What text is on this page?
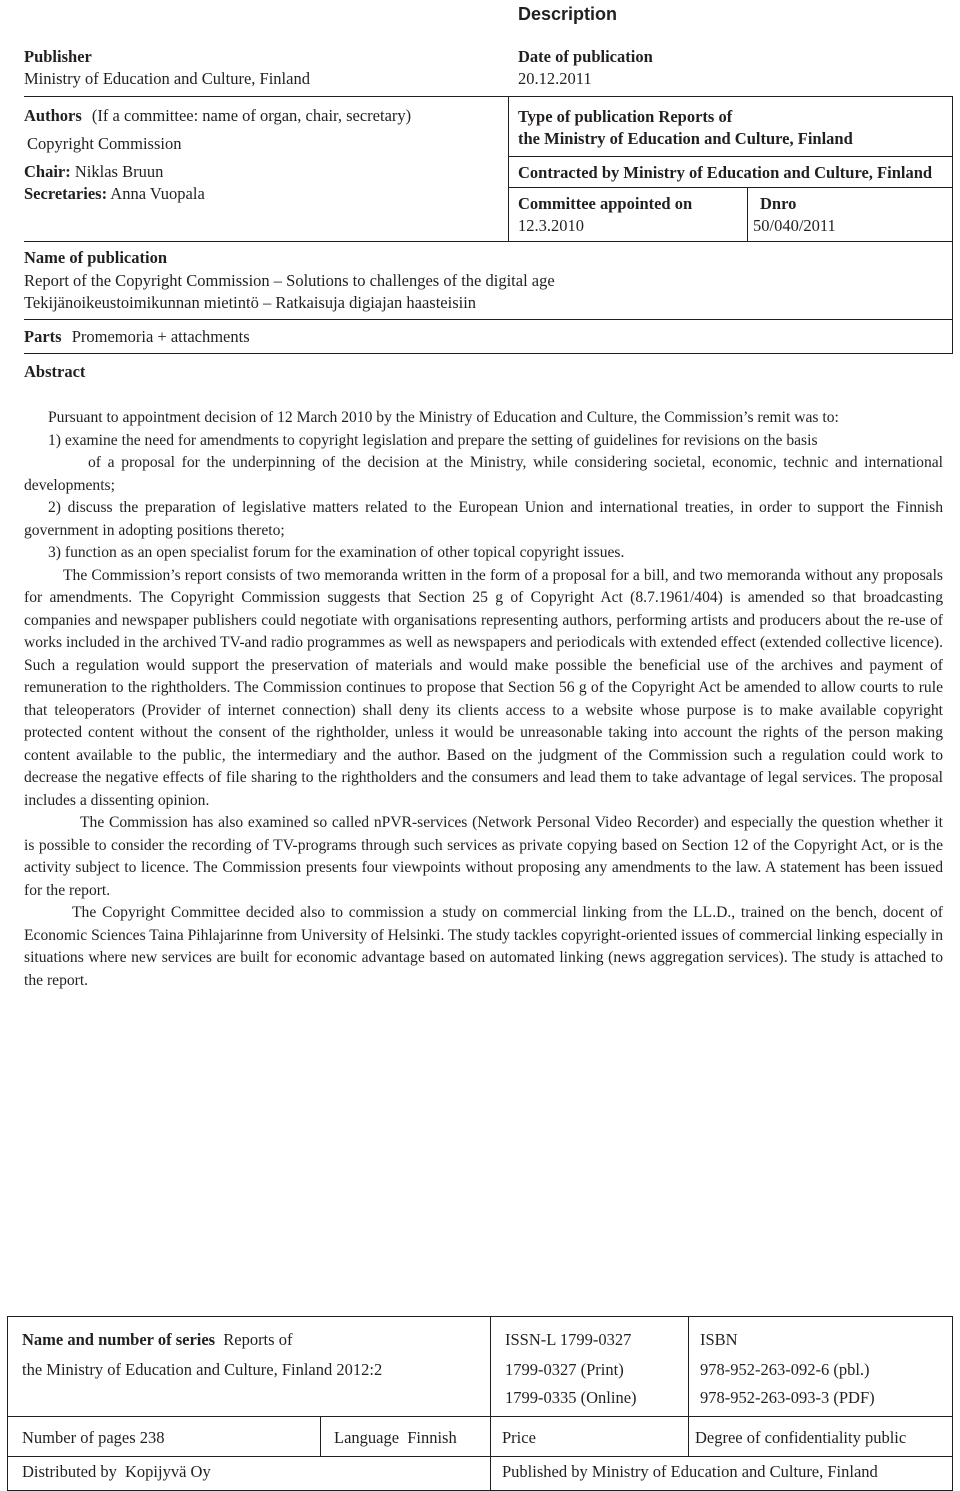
Description
Publisher
Ministry of Education and Culture, Finland
Date of publication
20.12.2011
Authors (If a committee: name of organ, chair, secretary)
Copyright Commission
Chair: Niklas Bruun
Secretaries: Anna Vuopala
Type of publication Reports of
the Ministry of Education and Culture, Finland
Contracted by Ministry of Education and Culture, Finland
Committee appointed on
12.3.2010
Dnro
50/040/2011
Name of publication
Report of the Copyright Commission – Solutions to challenges of the digital age
Tekijänoikeustoimikunnan mietintö – Ratkaisuja digiajan haasteisiin
Parts Promemoria + attachments
Abstract

Pursuant to appointment decision of 12 March 2010 by the Ministry of Education and Culture, the Commission’s remit was to:

1) examine the need for amendments to copyright legislation and prepare the setting of guidelines for revisions on the basis

of a proposal for the underpinning of the decision at the Ministry, while considering societal, economic, technic and international developments;

2) discuss the preparation of legislative matters related to the European Union and international treaties, in order to support the Finnish government in adopting positions thereto;

3) function as an open specialist forum for the examination of other topical copyright issues.

The Commission’s report consists of two memoranda written in the form of a proposal for a bill, and two memoranda without any proposals for amendments. The Copyright Commission suggests that Section 25 g of Copyright Act (8.7.1961/404) is amended so that broadcasting companies and newspaper publishers could negotiate with organisations representing authors, performing artists and producers about the re-use of works included in the archived TV-and radio programmes as well as newspapers and periodicals with extended effect (extended collective licence). Such a regulation would support the preservation of materials and would make possible the beneficial use of the archives and payment of remuneration to the rightholders. The Commission continues to propose that Section 56 g of the Copyright Act be amended to allow courts to rule that teleoperators (Provider of internet connection) shall deny its clients access to a website whose purpose is to make available copyright protected content without the consent of the rightholder, unless it would be unreasonable taking into account the rights of the person making content available to the public, the intermediary and the author. Based on the judgment of the Commission such a regulation could work to decrease the negative effects of file sharing to the rightholders and the consumers and lead them to take advantage of legal services. The proposal includes a dissenting opinion.

The Commission has also examined so called nPVR-services (Network Personal Video Recorder) and especially the question whether it is possible to consider the recording of TV-programs through such services as private copying based on Section 12 of the Copyright Act, or is the activity subject to licence. The Commission presents four viewpoints without proposing any amendments to the law. A statement has been issued for the report.

The Copyright Committee decided also to commission a study on commercial linking from the LL.D., trained on the bench, docent of Economic Sciences Taina Pihlajarinne from University of Helsinki. The study tackles copyright-oriented issues of commercial linking especially in situations where new services are built for economic advantage based on automated linking (news aggregation services). The study is attached to the report.

Name and number of series Reports of
the Ministry of Education and Culture, Finland 2012:2
ISSN-L 1799-0327
1799-0327 (Print)
1799-0335 (Online)
ISBN
978-952-263-092-6 (pbl.)
978-952-263-093-3 (PDF)
Number of pages 238	Language Finnish	Price	Degree of confidentiality public
Distributed by Kopijyvä Oy	Published by Ministry of Education and Culture, Finland
